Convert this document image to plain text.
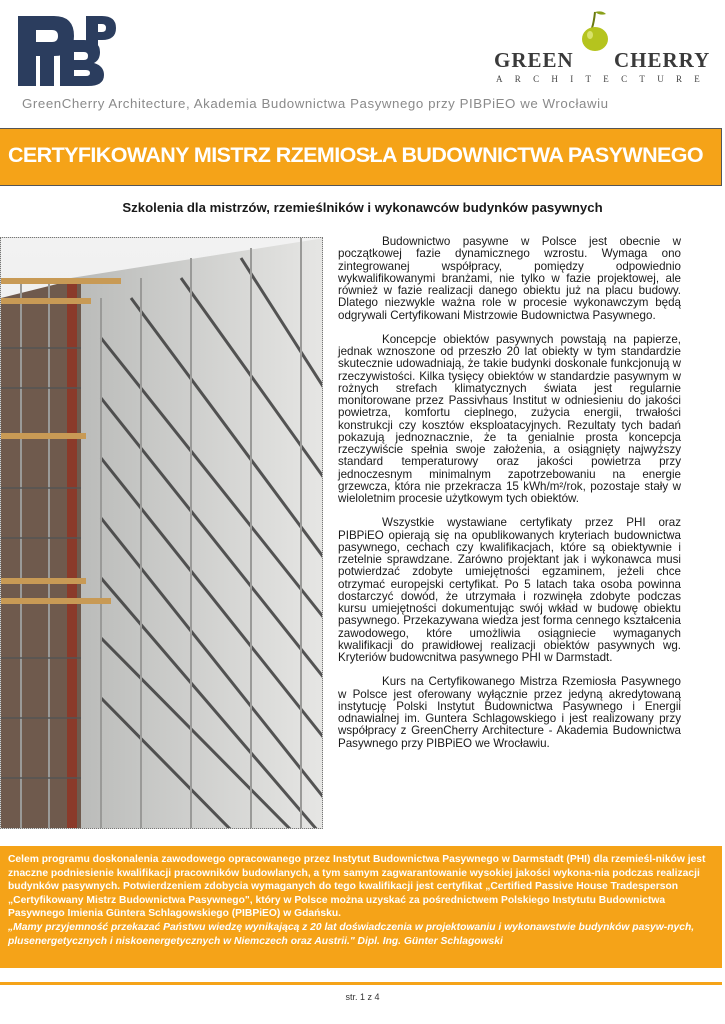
GREEN CHERRY
ARCHITECTURE
GreenCherry Architecture, Akademia Budownictwa Pasywnego przy PIBPiEO we Wrocławiu
CERTYFIKOWANY MISTRZ RZEMIOSŁA BUDOWNICTWA PASYWNEGO
Szkolenia dla mistrzów, rzemieślników i wykonawców budynków pasywnych

Budownictwo pasywne w Polsce jest obecnie w początkowej fazie dynamicznego wzrostu. Wymaga ono zintegrowanej współpracy, pomiędzy odpowiednio wykwalifikowanymi branżami, nie tylko w fazie projektowej, ale również w fazie realizacji danego obiektu już na placu budowy. Dlatego niezwykle ważna role w procesie wykonawczym będą odgrywali Certyfikowani Mistrzowie Budownictwa Pasywnego.

Koncepcje obiektów pasywnych powstają na papierze, jednak wznoszone od przeszło 20 lat obiekty w tym standardzie skutecznie udowadniają, że takie budynki doskonale funkcjonują w rzeczywistości. Kilka tysięcy obiektów w standardzie pasywnym w rożnych strefach klimatycznych świata jest regularnie monitorowane przez Passivhaus Institut w odniesieniu do jakości powietrza, komfortu cieplnego, zużycia energii, trwałości konstrukcji czy kosztów eksploatacyjnych. Rezultaty tych badań pokazują jednoznacznie, że ta genialnie prosta koncepcja rzeczywiście spełnia swoje założenia, a osiągnięty najwyższy standard temperaturowy oraz jakości powietrza przy jednoczesnym minimalnym zapotrzebowaniu na energie grzewcza, która nie przekracza 15 kWh/m²/rok, pozostaje stały w wieloletnim procesie użytkowym tych obiektów.

Wszystkie wystawiane certyfikaty przez PHI oraz PIBPiEO opierają się na opublikowanych kryteriach budownictwa pasywnego, cechach czy kwalifikacjach, które są obiektywnie i rzetelnie sprawdzane. Zarówno projektant jak i wykonawca musi potwierdzać zdobyte umiejętności egzaminem, jeżeli chce otrzymać europejski certyfikat. Po 5 latach taka osoba powinna dostarczyć dowód, że utrzymała i rozwinęła zdobyte podczas kursu umiejętności dokumentując swój wkład w budowę obiektu pasywnego. Przekazywana wiedza jest forma cennego kształcenia zawodowego, które umożliwia osiągniecie wymaganych kwalifikacji do prawidłowej realizacji obiektów pasywnych wg. Kryteriów budowcnitwa pasywnego PHI w Darmstadt.

Kurs na Certyfikowanego Mistrza Rzemiosła Pasywnego w Polsce jest oferowany wyłącznie przez jedyną akredytowaną instytucję Polski Instytut Budownictwa Pasywnego i Energii odnawialnej im. Guntera Schlagowskiego i jest realizowany przy współpracy z GreenCherry Architecture - Akademia Budownictwa Pasywnego przy PIBPiEO we Wrocławiu.

Celem programu doskonalenia zawodowego opracowanego przez Instytut Budownictwa Pasywnego w Darmstadt (PHI) dla rzemieśl-ników jest znaczne podniesienie kwalifikacji pracowników budowlanych, a tym samym zagwarantowanie wysokiej jakości wykona-nia podczas realizacji budynków pasywnych. Potwierdzeniem zdobycia wymaganych do tego kwalifikacji jest certyfikat „Certified Passive House Tradesperson „Certyfikowany Mistrz Budownictwa Pasywnego", który w Polsce można uzyskać za pośrednictwem Polskiego Instytutu Budownictwa Pasywnego Imienia Güntera Schlagowskiego (PIBPiEO) w Gdańsku.
„Mamy przyjemność przekazać Państwu wiedzę wynikającą z 20 lat doświadczenia w projektowaniu i wykonawstwie budynków pasyw-nych, plusenergetycznych i niskoenergetycznych w Niemczech oraz Austrii." Dipl. Ing. Günter Schlagowski
str. 1 z 4
